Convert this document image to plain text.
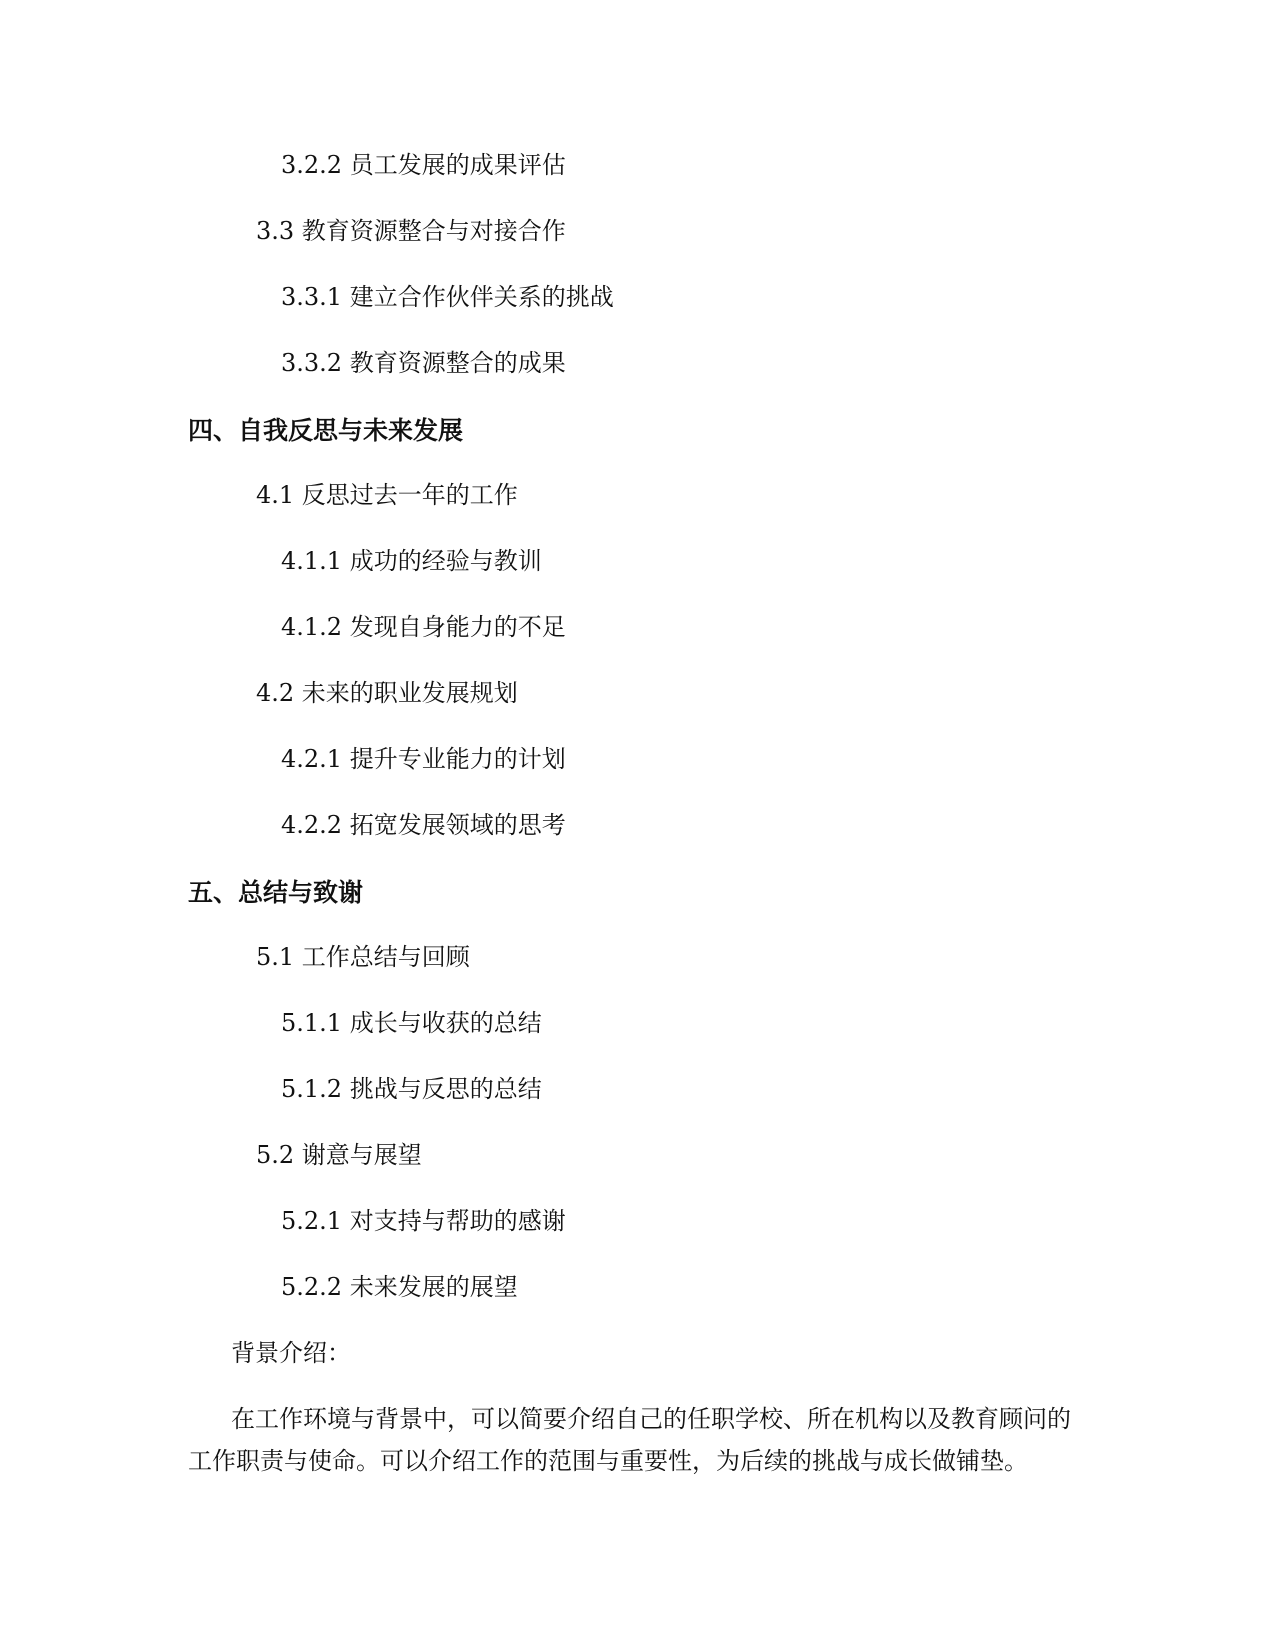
3.2.2 员工发展的成果评估
3.3 教育资源整合与对接合作
3.3.1 建立合作伙伴关系的挑战
3.3.2 教育资源整合的成果
四、自我反思与未来发展
4.1 反思过去一年的工作
4.1.1 成功的经验与教训
4.1.2 发现自身能力的不足
4.2 未来的职业发展规划
4.2.1 提升专业能力的计划
4.2.2 拓宽发展领域的思考
五、总结与致谢
5.1 工作总结与回顾
5.1.1 成长与收获的总结
5.1.2 挑战与反思的总结
5.2 谢意与展望
5.2.1 对支持与帮助的感谢
5.2.2 未来发展的展望
背景介绍：
在工作环境与背景中，可以简要介绍自己的任职学校、所在机构以及教育顾问的工作职责与使命。可以介绍工作的范围与重要性，为后续的挑战与成长做铺垫。
